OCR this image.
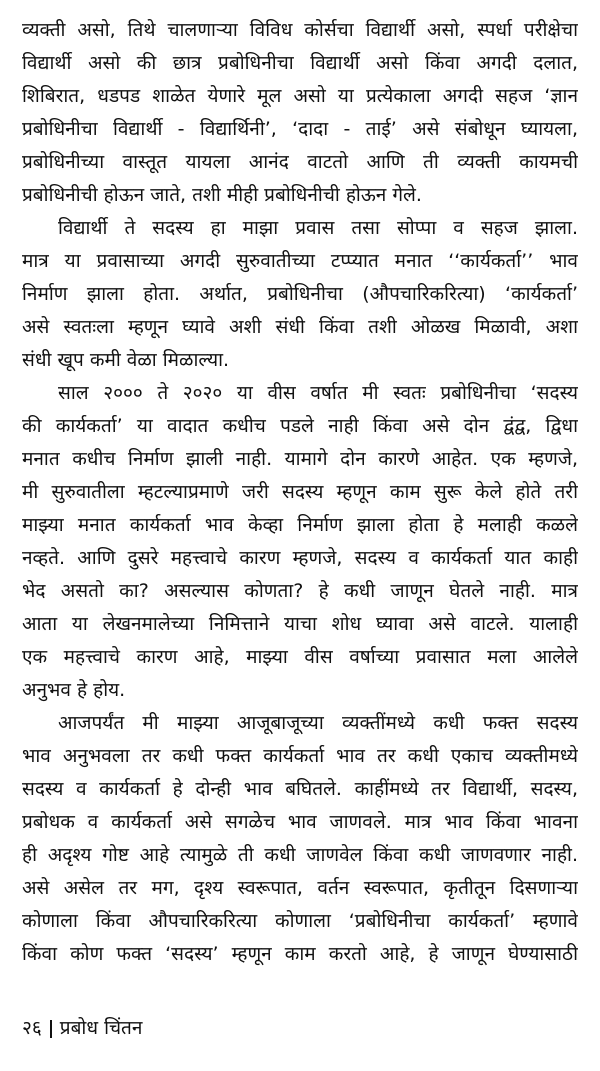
व्यक्ती असो, तिथे चालणाऱ्या विविध कोर्सचा विद्यार्थी असो, स्पर्धा परीक्षेचा
विद्यार्थी असो की छात्र प्रबोधिनीचा विद्यार्थी असो किंवा अगदी दलात,
शिबिरात, धडपड शाळेत येणारे मूल असो या प्रत्येकाला अगदी सहज ‘ज्ञान
प्रबोधिनीचा विद्यार्थी - विद्यार्थिनी’, ‘दादा - ताई’ असे संबोधून घ्यायला,
प्रबोधिनीच्या वास्तूत यायला आनंद वाटतो आणि ती व्यक्ती कायमची
प्रबोधिनीची होऊन जाते, तशी मीही प्रबोधिनीची होऊन गेले.
विद्यार्थी ते सदस्य हा माझा प्रवास तसा सोप्पा व सहज झाला.
मात्र या प्रवासाच्या अगदी सुरुवातीच्या टप्प्यात मनात ‘‘कार्यकर्ता’’ भाव
निर्माण झाला होता. अर्थात, प्रबोधिनीचा (औपचारिकरित्या) ‘कार्यकर्ता’
असे स्वतःला म्हणून घ्यावे अशी संधी किंवा तशी ओळख मिळावी, अशा
संधी खूप कमी वेळा मिळाल्या.
साल २००० ते २०२० या वीस वर्षात मी स्वतः प्रबोधिनीचा ‘सदस्य
की कार्यकर्ता’ या वादात कधीच पडले नाही किंवा असे दोन द्वंद्व, द्विधा
मनात कधीच निर्माण झाली नाही. यामागे दोन कारणे आहेत. एक म्हणजे,
मी सुरुवातीला म्हटल्याप्रमाणे जरी सदस्य म्हणून काम सुरू केले होते तरी
माझ्या मनात कार्यकर्ता भाव केव्हा निर्माण झाला होता हे मलाही कळले
नव्हते. आणि दुसरे महत्त्वाचे कारण म्हणजे, सदस्य व कार्यकर्ता यात काही
भेद असतो का? असल्यास कोणता? हे कधी जाणून घेतले नाही. मात्र
आता या लेखनमालेच्या निमित्ताने याचा शोध घ्यावा असे वाटले. यालाही
एक महत्त्वाचे कारण आहे, माझ्या वीस वर्षाच्या प्रवासात मला आलेले
अनुभव हे होय.
आजपर्यंत मी माझ्या आजूबाजूच्या व्यक्तींमध्ये कधी फक्त सदस्य
भाव अनुभवला तर कधी फक्त कार्यकर्ता भाव तर कधी एकाच व्यक्तीमध्ये
सदस्य व कार्यकर्ता हे दोन्ही भाव बघितले. काहींमध्ये तर विद्यार्थी, सदस्य,
प्रबोधक व कार्यकर्ता असे सगळेच भाव जाणवले. मात्र भाव किंवा भावना
ही अदृश्य गोष्ट आहे त्यामुळे ती कधी जाणवेल किंवा कधी जाणवणार नाही.
असे असेल तर मग, दृश्य स्वरूपात, वर्तन स्वरूपात, कृतीतून दिसणाऱ्या
कोणाला किंवा औपचारिकरित्या कोणाला ‘प्रबोधिनीचा कार्यकर्ता’ म्हणावे
किंवा कोण फक्त ‘सदस्य’ म्हणून काम करतो आहे, हे जाणून घेण्यासाठी
२६ प्रबोध चिंतन
